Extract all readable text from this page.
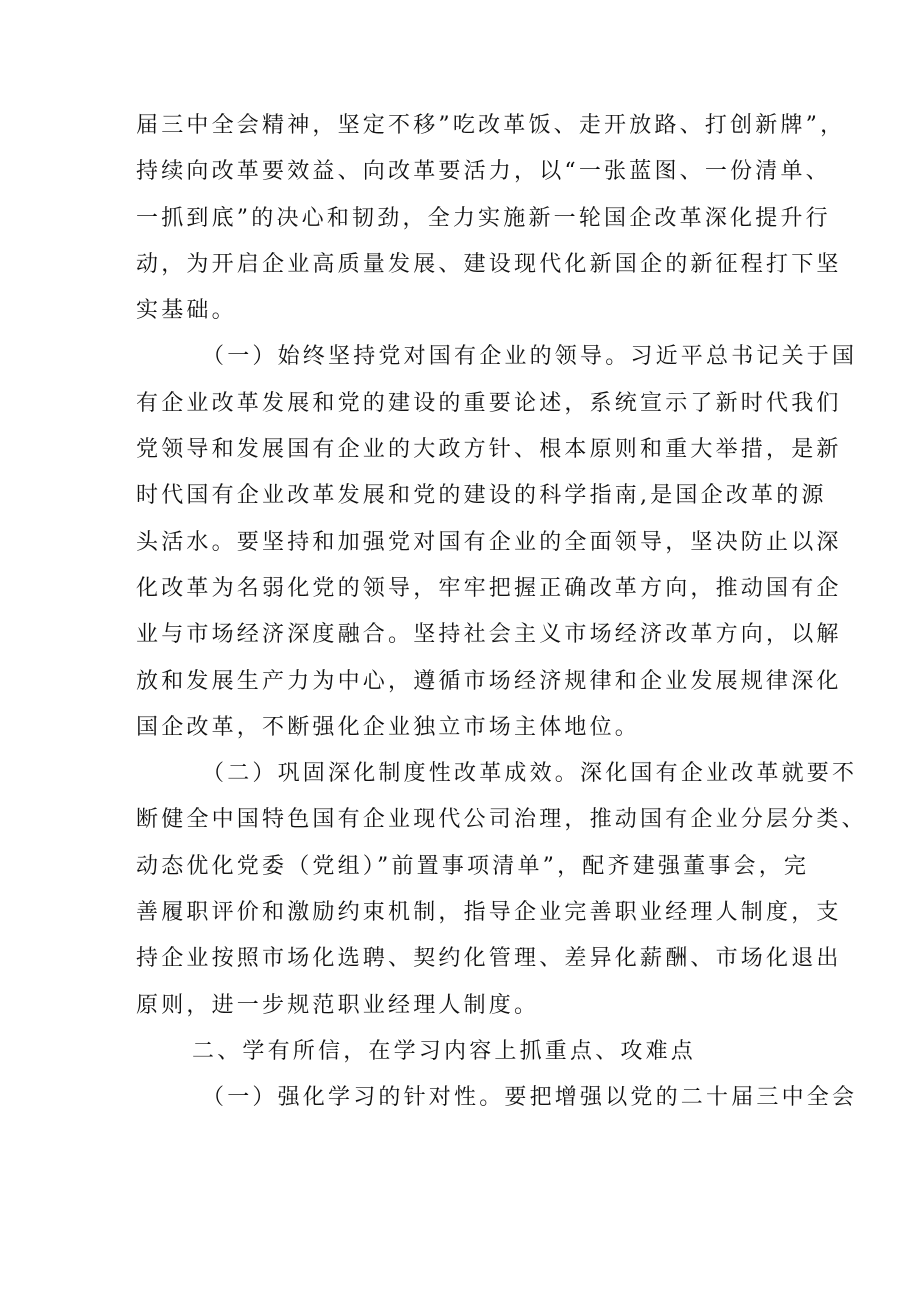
届三中全会精神，坚定不移”吃改革饭、走开放路、打创新牌”，
持续向改革要效益、向改革要活力，以“一张蓝图、一份清单、
一抓到底”的决心和韧劲，全力实施新一轮国企改革深化提升行
动，为开启企业高质量发展、建设现代化新国企的新征程打下坚
实基础。
（一）始终坚持党对国有企业的领导。习近平总书记关于国
有企业改革发展和党的建设的重要论述，系统宣示了新时代我们
党领导和发展国有企业的大政方针、根本原则和重大举措，是新
时代国有企业改革发展和党的建设的科学指南,是国企改革的源
头活水。要坚持和加强党对国有企业的全面领导，坚决防止以深
化改革为名弱化党的领导，牢牢把握正确改革方向，推动国有企
业与市场经济深度融合。坚持社会主义市场经济改革方向，以解
放和发展生产力为中心，遵循市场经济规律和企业发展规律深化
国企改革，不断强化企业独立市场主体地位。
（二）巩固深化制度性改革成效。深化国有企业改革就要不
断健全中国特色国有企业现代公司治理，推动国有企业分层分类、
动态优化党委（党组）”前置事项清单”，配齐建强董事会，完
善履职评价和激励约束机制，指导企业完善职业经理人制度，支
持企业按照市场化选聘、契约化管理、差异化薪酬、市场化退出
原则，进一步规范职业经理人制度。
二、学有所信，在学习内容上抓重点、攻难点
（一）强化学习的针对性。要把增强以党的二十届三中全会
